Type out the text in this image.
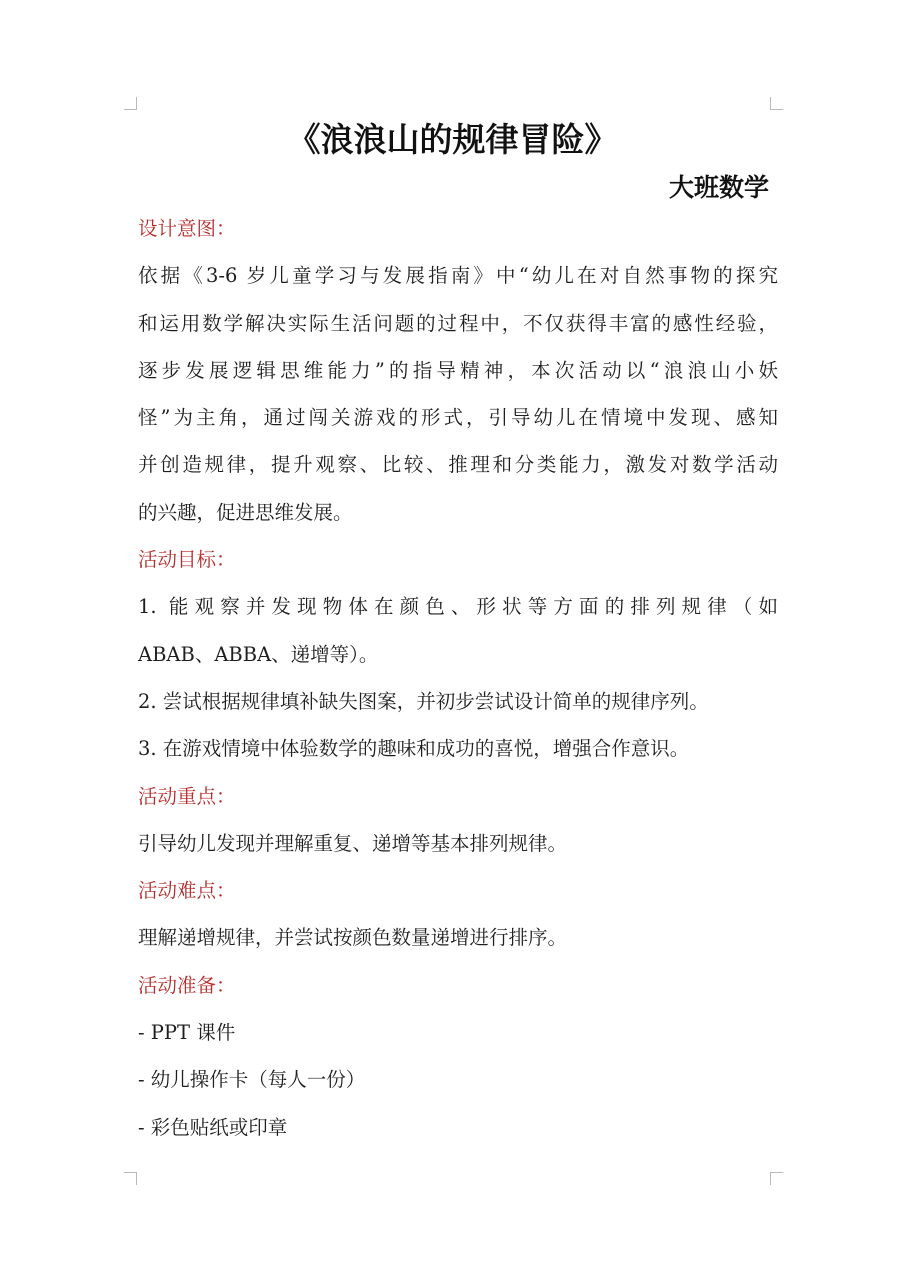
《浪浪山的规律冒险》
大班数学
设计意图：
依据《3-6 岁儿童学习与发展指南》中“幼儿在对自然事物的探究
和运用数学解决实际生活问题的过程中，不仅获得丰富的感性经验，
逐步发展逻辑思维能力”的指导精神，本次活动以“浪浪山小妖
怪”为主角，通过闯关游戏的形式，引导幼儿在情境中发现、感知
并创造规律，提升观察、比较、推理和分类能力，激发对数学活动
的兴趣，促进思维发展。
活动目标：
1. 能观察并发现物体在颜色、形状等方面的排列规律（如
ABAB、ABBA、递增等）。
2. 尝试根据规律填补缺失图案，并初步尝试设计简单的规律序列。
3. 在游戏情境中体验数学的趣味和成功的喜悦，增强合作意识。
活动重点：
引导幼儿发现并理解重复、递增等基本排列规律。
活动难点：
理解递增规律，并尝试按颜色数量递增进行排序。
活动准备：
- PPT 课件
- 幼儿操作卡（每人一份）
- 彩色贴纸或印章
